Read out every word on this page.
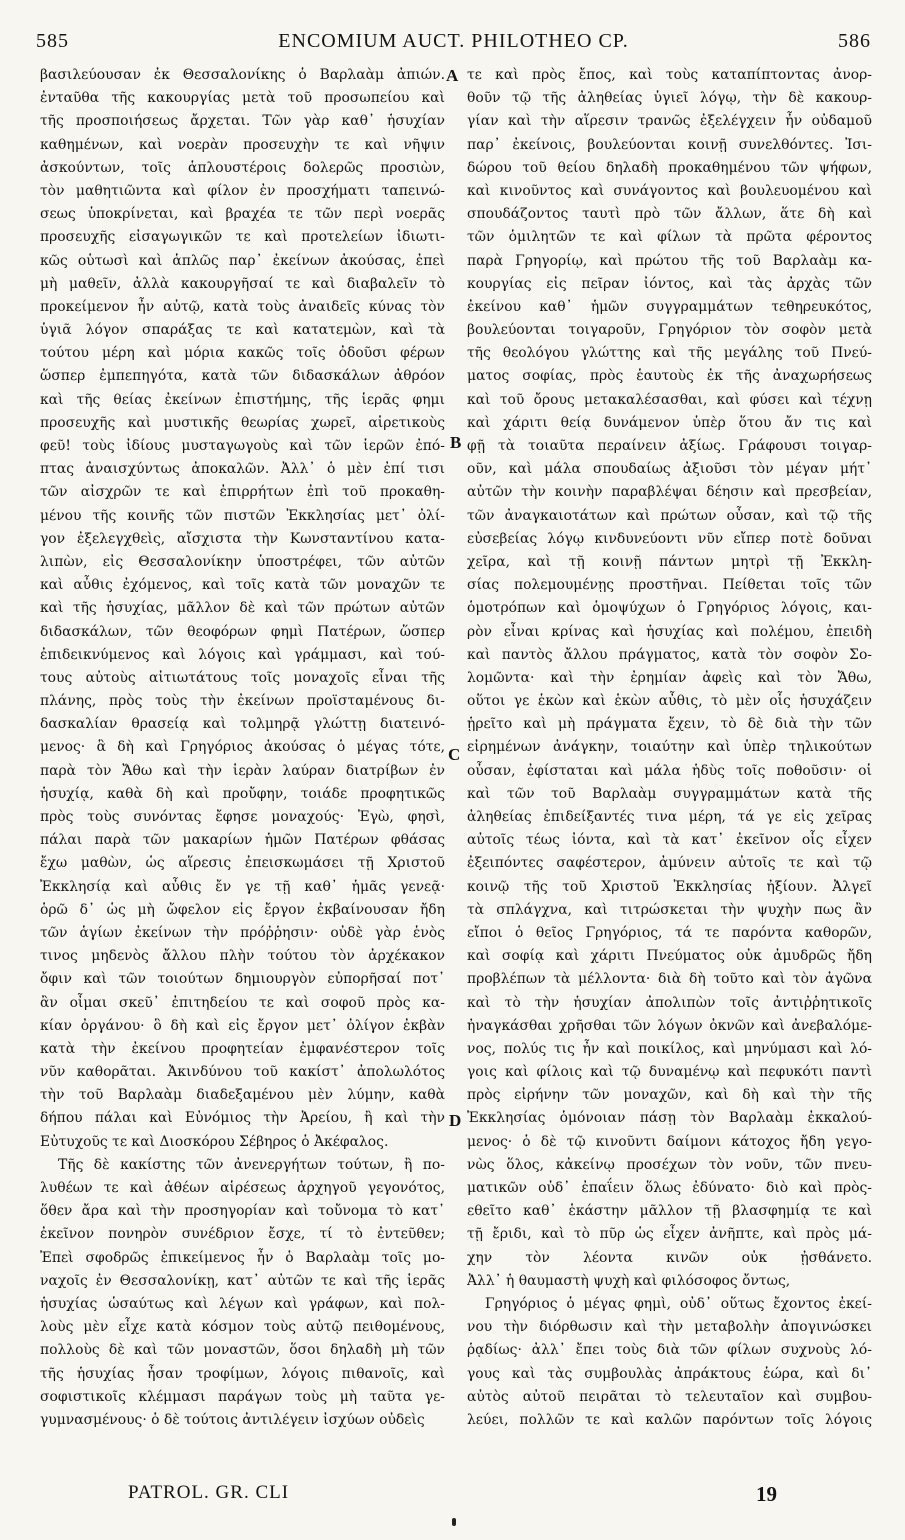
585	ENCOMIUM AUCT. PHILOTHEO CP.	586
βασιλεύουσαν ἐκ Θεσσαλονίκης ὁ Βαρλαὰμ ἀπιών.
ἐνταῦθα τῆς κακουργίας μετὰ τοῦ προσωπείου καὶ
τῆς προσποιήσεως ἄρχεται. Τῶν γὰρ καθ᾿ ἡσυχίαν
καθημένων, καὶ νοερὰν προσευχὴν τε καὶ νῆψιν
ἀσκούντων, τοῖς ἁπλουστέροις δολερῶς προσιὼν,
τὸν μαθητιῶντα καὶ φίλον ἐν προσχήματι ταπεινώ-
σεως ὑποκρίνεται, καὶ βραχέα τε τῶν περὶ νοερᾶς
προσευχῆς εἰσαγωγικῶν τε καὶ προτελείων ἰδιωτι-
κῶς οὑτωσὶ καὶ ἁπλῶς παρ᾿ ἐκείνων ἀκούσας, ἐπεὶ
μὴ μαθεῖν, ἀλλὰ κακουργῆσαί τε καὶ διαβαλεῖν τὸ
προκείμενον ἦν αὐτῷ, κατὰ τοὺς ἀναιδεῖς κύνας τὸν
ὑγιᾶ λόγον σπαράξας τε καὶ κατατεμὼν, καὶ τὰ
τούτου μέρη καὶ μόρια κακῶς τοῖς ὀδοῦσι φέρων
ὥσπερ ἐμπεπηγότα, κατὰ τῶν διδασκάλων ἀθρόον
καὶ τῆς θείας ἐκείνων ἐπιστήμης, τῆς ἱερᾶς φημι
προσευχῆς καὶ μυστικῆς θεωρίας χωρεῖ, αἱρετικοὺς
φεῦ! τοὺς ἰδίους μυσταγωγοὺς καὶ τῶν ἱερῶν ἐπό-
πτας ἀναισχύντως ἀποκαλῶν. Ἀλλ᾿ ὁ μὲν ἐπί τισι
τῶν αἰσχρῶν τε καὶ ἐπιρρήτων ἐπὶ τοῦ προκαθη-
μένου τῆς κοινῆς τῶν πιστῶν Ἐκκλησίας μετ᾿ ὀλί-
γον ἐξελεγχθεὶς, αἴσχιστα τὴν Κωνσταντίνου κατα-
λιπὼν, εἰς Θεσσαλονίκην ὑποστρέφει, τῶν αὐτῶν
καὶ αὖθις ἐχόμενος, καὶ τοῖς κατὰ τῶν μοναχῶν τε
καὶ τῆς ἡσυχίας, μᾶλλον δὲ καὶ τῶν πρώτων αὐτῶν
διδασκάλων, τῶν θεοφόρων φημὶ Πατέρων, ὥσπερ
ἐπιδεικνύμενος καὶ λόγοις καὶ γράμμασι, καὶ τού-
τους αὐτοὺς αἰτιωτάτους τοῖς μοναχοῖς εἶναι τῆς
πλάνης, πρὸς τοὺς τὴν ἐκείνων προϊσταμένους δι-
δασκαλίαν θρασείᾳ καὶ τολμηρᾷ γλώττῃ διατεινό-
μενος· ἃ δὴ καὶ Γρηγόριος ἀκούσας ὁ μέγας τότε,
παρὰ τὸν Ἄθω καὶ τὴν ἱερὰν λαύραν διατρίβων ἐν
ἡσυχίᾳ, καθὰ δὴ καὶ προὔφην, τοιάδε προφητικῶς
πρὸς τοὺς συνόντας ἔφησε μοναχούς· Ἐγὼ, φησὶ,
πάλαι παρὰ τῶν μακαρίων ἡμῶν Πατέρων φθάσας
ἔχω μαθὼν, ὡς αἵρεσις ἐπεισκωμάσει τῇ Χριστοῦ
Ἐκκλησίᾳ καὶ αὖθις ἔν γε τῇ καθ᾿ ἡμᾶς γενεᾷ·
ὁρῶ δ᾿ ὡς μὴ ὤφελον εἰς ἔργον ἐκβαίνουσαν ἤδη
τῶν ἁγίων ἐκείνων τὴν πρόῤῥησιν· οὐδὲ γὰρ ἑνὸς
τινος μηδενὸς ἄλλου πλὴν τούτου τὸν ἀρχέκακον
ὄφιν καὶ τῶν τοιούτων δημιουργὸν εὐπορῆσαί ποτ᾿
ἂν οἶμαι σκεῦ᾿ ἐπιτηδείου τε καὶ σοφοῦ πρὸς κα-
κίαν ὀργάνου· ὃ δὴ καὶ εἰς ἔργον μετ᾿ ὀλίγον ἐκβὰν
κατὰ τὴν ἐκείνου προφητείαν ἐμφανέστερον τοῖς
νῦν καθορᾶται. Ἀκινδύνου τοῦ κακίστ᾿ ἀπολωλότος
τὴν τοῦ Βαρλαὰμ διαδεξαμένου μὲν λύμην, καθὰ
δήπου πάλαι καὶ Εὐνόμιος τὴν Ἀρείου, ἢ καὶ τὴν
Εὐτυχοῦς τε καὶ Διοσκόρου Σέβηρος ὁ Ἀκέφαλος.
Τῆς δὲ κακίστης τῶν ἀνενεργήτων τούτων, ἢ πο-
λυθέων τε καὶ ἀθέων αἱρέσεως ἀρχηγοῦ γεγονότος,
ὅθεν ἄρα καὶ τὴν προσηγορίαν καὶ τοὔνομα τὸ κατ᾿
ἐκεῖνον πονηρὸν συνέδριον ἔσχε, τί τὸ ἐντεῦθεν;
Ἐπεὶ σφοδρῶς ἐπικείμενος ἦν ὁ Βαρλαὰμ τοῖς μο-
ναχοῖς ἐν Θεσσαλονίκῃ, κατ᾿ αὐτῶν τε καὶ τῆς ἱερᾶς
ἡσυχίας ὡσαύτως καὶ λέγων καὶ γράφων, καὶ πολ-
λοὺς μὲν εἶχε κατὰ κόσμον τοὺς αὐτῷ πειθομένους,
πολλοὺς δὲ καὶ τῶν μοναστῶν, ὅσοι δηλαδὴ μὴ τῶν
τῆς ἡσυχίας ἦσαν τροφίμων, λόγοις πιθανοῖς, καὶ
σοφιστικοῖς κλέμμασι παράγων τοὺς μὴ ταῦτα γε-
γυμνασμένους· ὁ δὲ τούτοις ἀντιλέγειν ἰσχύων οὐδεὶς
τε καὶ πρὸς ἔπος, καὶ τοὺς καταπίπτοντας ἀνορ-
θοῦν τῷ τῆς ἀληθείας ὑγιεῖ λόγῳ, τὴν δὲ κακουρ-
γίαν καὶ τὴν αἵρεσιν τρανῶς ἐξελέγχειν ἦν οὐδαμοῦ
παρ᾿ ἐκείνοις, βουλεύονται κοινῇ συνελθόντες. Ἰσι-
δώρου τοῦ θείου δηλαδὴ προκαθημένου τῶν ψήφων,
καὶ κινοῦντος καὶ συνάγοντος καὶ βουλευομένου καὶ
σπουδάζοντος ταυτὶ πρὸ τῶν ἄλλων, ἅτε δὴ καὶ
τῶν ὁμιλητῶν τε καὶ φίλων τὰ πρῶτα φέροντος
παρὰ Γρηγορίῳ, καὶ πρώτου τῆς τοῦ Βαρλαὰμ κα-
κουργίας εἰς πεῖραν ἰόντος, καὶ τὰς ἀρχὰς τῶν
ἐκείνου καθ᾿ ἡμῶν συγγραμμάτων τεθηρευκότος,
βουλεύονται τοιγαροῦν, Γρηγόριον τὸν σοφὸν μετὰ
τῆς θεολόγου γλώττης καὶ τῆς μεγάλης τοῦ Πνεύ-
ματος σοφίας, πρὸς ἑαυτοὺς ἐκ τῆς ἀναχωρήσεως
καὶ τοῦ ὄρους μετακαλέσασθαι, καὶ φύσει καὶ τέχνῃ
καὶ χάριτι θείᾳ δυνάμενον ὑπὲρ ὅτου ἄν τις καὶ
φῇ τὰ τοιαῦτα περαίνειν ἀξίως. Γράφουσι τοιγαρ-
οῦν, καὶ μάλα σπουδαίως ἀξιοῦσι τὸν μέγαν μήτ᾿
αὐτῶν τὴν κοινὴν παραβλέψαι δέησιν καὶ πρεσβείαν,
τῶν ἀναγκαιοτάτων καὶ πρώτων οὖσαν, καὶ τῷ τῆς
εὐσεβείας λόγῳ κινδυνεύοντι νῦν εἴπερ ποτὲ δοῦναι
χεῖρα, καὶ τῇ κοινῇ πάντων μητρὶ τῇ Ἐκκλη-
σίας πολεμουμένῃς προστῆναι. Πείθεται τοῖς τῶν
ὁμοτρόπων καὶ ὁμοψύχων ὁ Γρηγόριος λόγοις, και-
ρὸν εἶναι κρίνας καὶ ἡσυχίας καὶ πολέμου, ἐπειδὴ
καὶ παντὸς ἄλλου πράγματος, κατὰ τὸν σοφὸν Σο-
λομῶντα· καὶ τὴν ἐρημίαν ἀφεὶς καὶ τὸν Ἄθω,
οὕτοι γε ἑκὼν καὶ ἑκὼν αὖθις, τὸ μὲν οἷς ἡσυχάζειν
ᾑρεῖτο καὶ μὴ πράγματα ἔχειν, τὸ δὲ διὰ τὴν τῶν
εἰρημένων ἀνάγκην, τοιαύτην καὶ ὑπὲρ τηλικούτων
οὖσαν, ἐφίσταται καὶ μάλα ἡδὺς τοῖς ποθοῦσιν· οἱ
καὶ τῶν τοῦ Βαρλαὰμ συγγραμμάτων κατὰ τῆς
ἀληθείας ἐπιδείξαντές τινα μέρη, τά γε εἰς χεῖρας
αὐτοῖς τέως ἰόντα, καὶ τὰ κατ᾿ ἐκεῖνον οἷς εἶχεν
ἐξειπόντες σαφέστερον, ἀμύνειν αὐτοῖς τε καὶ τῷ
κοινῷ τῆς τοῦ Χριστοῦ Ἐκκλησίας ἠξίουν. Ἀλγεῖ
τὰ σπλάγχνα, καὶ τιτρώσκεται τὴν ψυχὴν πως ἂν
εἴποι ὁ θεῖος Γρηγόριος, τά τε παρόντα καθορῶν,
καὶ σοφίᾳ καὶ χάριτι Πνεύματος οὐκ ἀμυδρῶς ἤδη
προβλέπων τὰ μέλλοντα· διὰ δὴ τοῦτο καὶ τὸν ἀγῶνα
καὶ τὸ τὴν ἡσυχίαν ἀπολιπὼν τοῖς ἀντιῤῥητικοῖς
ἠναγκάσθαι χρῆσθαι τῶν λόγων ὀκνῶν καὶ ἀνεβαλόμε-
νος, πολύς τις ἦν καὶ ποικίλος, καὶ μηνύμασι καὶ λό-
γοις καὶ φίλοις καὶ τῷ δυναμένῳ καὶ πεφυκότι παντὶ
πρὸς εἰρήνην τῶν μοναχῶν, καὶ δὴ καὶ τὴν τῆς
Ἐκκλησίας ὁμόνοιαν πάσῃ τὸν Βαρλαὰμ ἐκκαλού-
μενος· ὁ δὲ τῷ κινοῦντι δαίμονι κάτοχος ἤδη γεγο-
νὼς ὅλος, κἀκείνῳ προσέχων τὸν νοῦν, τῶν πνευ-
ματικῶν οὐδ᾿ ἐπαΐειν ὅλως ἐδύνατο· διὸ καὶ πρὸς-
εθεῖτο καθ᾿ ἑκάστην μᾶλλον τῇ βλασφημίᾳ τε καὶ
τῇ ἔριδι, καὶ τὸ πῦρ ὡς εἶχεν ἀνῆπτε, καὶ πρὸς μά-
χην τὸν λέοντα κινῶν οὐκ ᾐσθάνετο.
Ἀλλ᾿ ἡ θαυμαστὴ ψυχὴ καὶ φιλόσοφος ὄντως,
Γρηγόριος ὁ μέγας φημὶ, οὐδ᾿ οὕτως ἔχοντος ἐκεί-
νου τὴν διόρθωσιν καὶ τὴν μεταβολὴν ἀπογινώσκει
ῥᾳδίως· ἀλλ᾿ ἔπει τοὺς διὰ τῶν φίλων συχνοὺς λό-
γους καὶ τὰς συμβουλὰς ἀπράκτους ἑώρα, καὶ δι᾿
αὐτὸς αὐτοῦ πειρᾶται τὸ τελευταῖον καὶ συμβου-
λεύει, πολλῶν τε καὶ καλῶν παρόντων τοῖς λόγοις
A
B
C
D
PATROL. GR. CLI	19
